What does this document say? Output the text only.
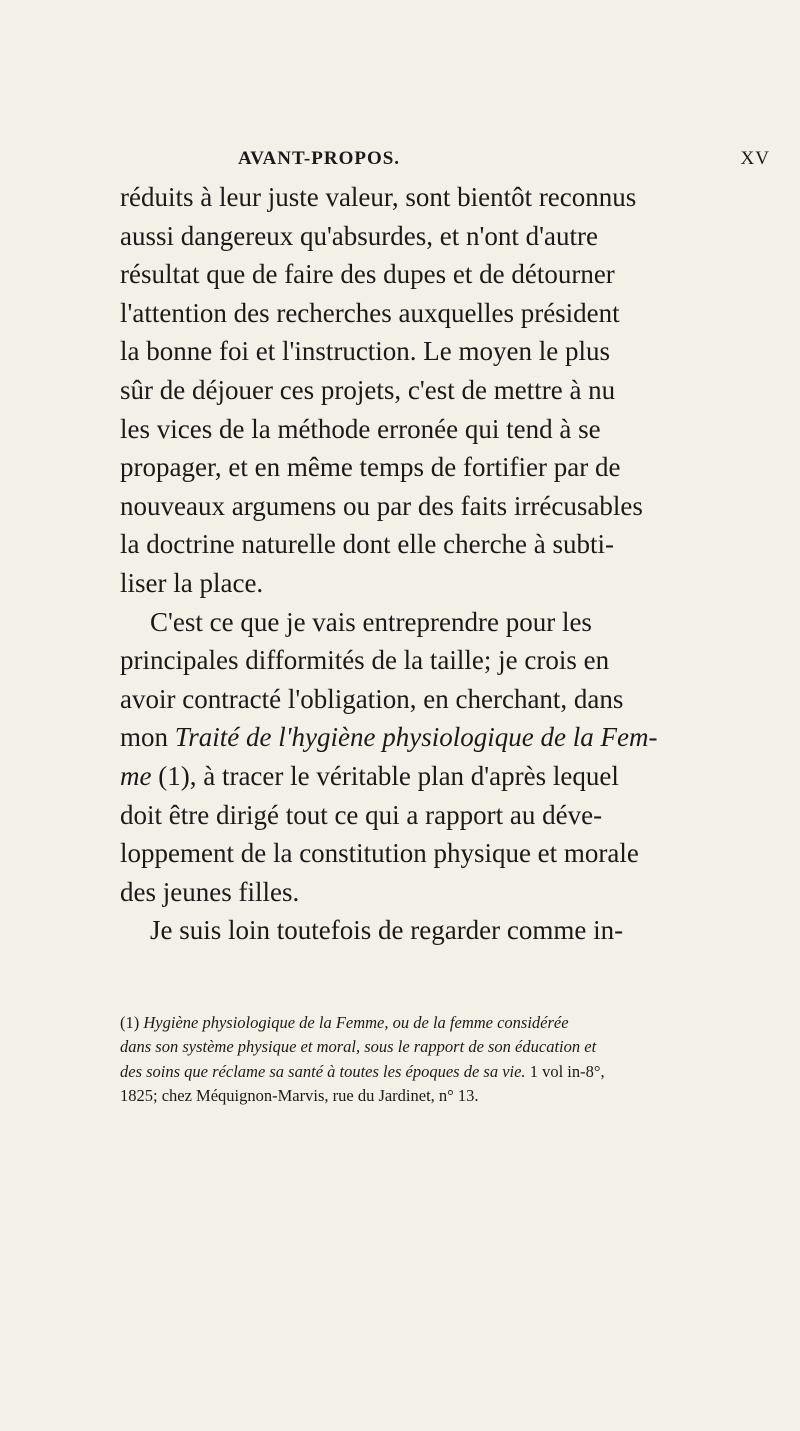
AVANT-PROPOS.	XV
réduits à leur juste valeur, sont bientôt reconnus
aussi dangereux qu'absurdes, et n'ont d'autre
résultat que de faire des dupes et de détourner
l'attention des recherches auxquelles président
la bonne foi et l'instruction. Le moyen le plus
sûr de déjouer ces projets, c'est de mettre à nu
les vices de la méthode erronée qui tend à se
propager, et en même temps de fortifier par de
nouveaux argumens ou par des faits irrécusables
la doctrine naturelle dont elle cherche à subti-
liser la place.
C'est ce que je vais entreprendre pour les
principales difformités de la taille; je crois en
avoir contracté l'obligation, en cherchant, dans
mon Traité de l'hygiène physiologique de la Fem-
me (1), à tracer le véritable plan d'après lequel
doit être dirigé tout ce qui a rapport au déve-
loppement de la constitution physique et morale
des jeunes filles.
Je suis loin toutefois de regarder comme in-
(1) Hygiène physiologique de la Femme, ou de la femme considérée
dans son système physique et moral, sous le rapport de son éducation et
des soins que réclame sa santé à toutes les époques de sa vie. 1 vol in-8°,
1825; chez Méquignon-Marvis, rue du Jardinet, n° 13.
